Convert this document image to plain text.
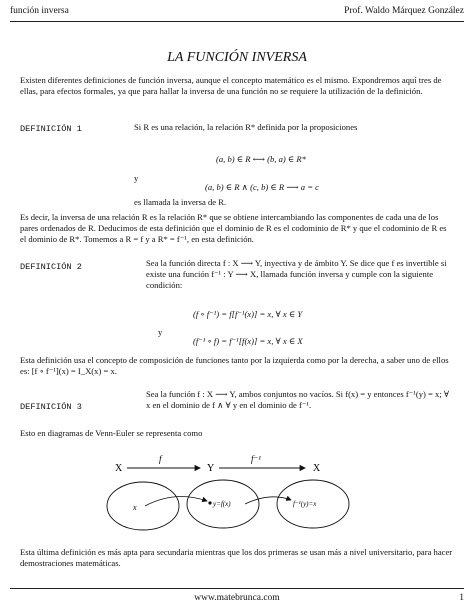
función inversa	Prof. Waldo Márquez González
LA FUNCIÓN INVERSA
Existen diferentes definiciones de función inversa, aunque el concepto matemático es el mismo. Expondremos aquí tres de ellas, para efectos formales, ya que para hallar la inversa de una función no se requiere la utilización de la definición.
DEFINICIÓN 1	Si R es una relación, la relación R* definida por la proposiciones
(a, b) ∈ R ⟷ (b, a) ∈ R*
y
(a, b) ∈ R ∧ (c, b) ∈ R ⟶ a = c
es llamada la inversa de R.
Es decir, la inversa de una relación R es la relación R* que se obtiene intercambiando las componentes de cada una de los pares ordenados de R. Deducimos de esta definición que el dominio de R es el codominio de R* y que el codominio de R es el dominio de R*. Tomemos a R = f y a R* = f⁻¹, en esta definición.
DEFINICIÓN 2	Sea la función directa f : X ⟶ Y, inyectiva y de ámbito Y. Se dice que f es invertible si existe una función f⁻¹ : Y ⟶ X, llamada función inversa y cumple con la siguiente condición:
(f ∘ f⁻¹) = f[f⁻¹(x)] = x, ∀ x ∈ Y
y
(f⁻¹ ∘ f) = f⁻¹[f(x)] = x, ∀ x ∈ X
Esta definición usa el concepto de composición de funciones tanto por la izquierda como por la derecha, a saber uno de ellos es: [f ∘ f⁻¹](x) = I_X(x) = x.
DEFINICIÓN 3
Sea la función f : X ⟶ Y, ambos conjuntos no vacíos. Si f(x) = y entonces f⁻¹(y) = x; ∀ x en el dominio de f ∧ ∀ y en el dominio de f⁻¹.
Esto en diagramas de Venn-Euler se representa como
X
f
Y
f⁻¹
X
x	y=f(x)	f⁻¹(y)=x
Esta última definición es más apta para secundaria mientras que los dos primeras se usan más a nivel universitario, para hacer demostraciones matemáticas.
www.matebrunca.com	1
